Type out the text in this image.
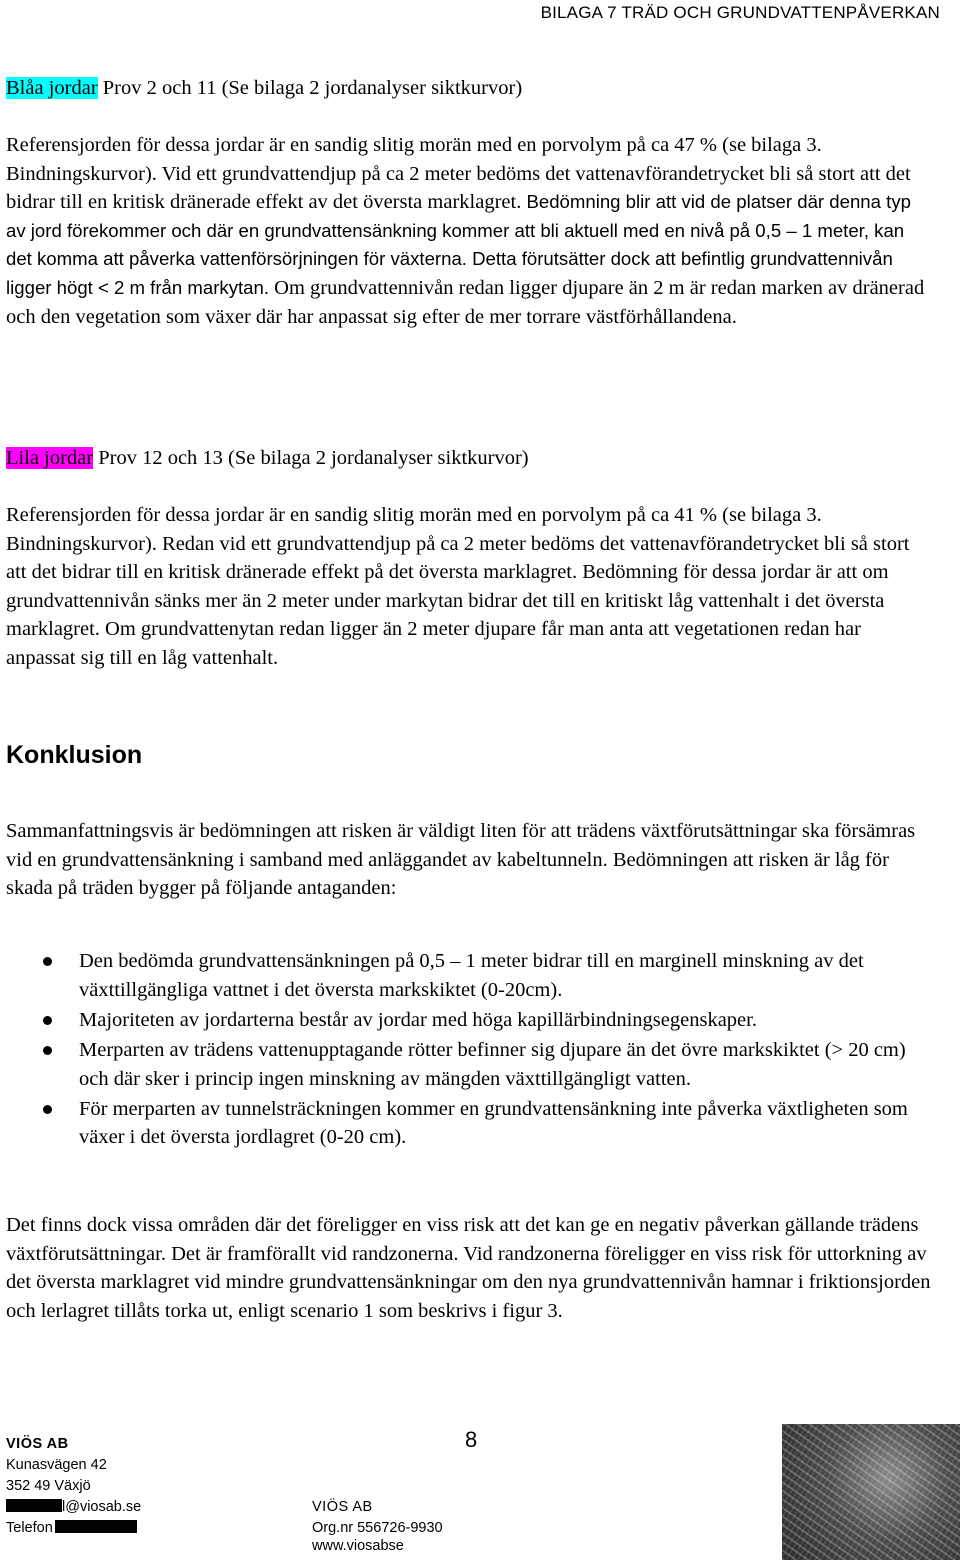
BILAGA 7 TRÄD OCH GRUNDVATTENPÅVERKAN
Blåa jordar Prov 2 och 11 (Se bilaga 2 jordanalyser siktkurvor)

Referensjorden för dessa jordar är en sandig slitig morän med en porvolym på ca 47 % (se bilaga 3. Bindningskurvor). Vid ett grundvattendjup på ca 2 meter bedöms det vattenavförandetrycket bli så stort att det bidrar till en kritisk dränerade effekt av det översta marklagret. Bedömning blir att vid de platser där denna typ av jord förekommer och där en grundvattensänkning kommer att bli aktuell med en nivå på 0,5 – 1 meter, kan det komma att påverka vattenförsörjningen för växterna. Detta förutsätter dock att befintlig grundvattennivån ligger högt < 2 m från markytan. Om grundvattennivån redan ligger djupare än 2 m är redan marken av dränerad och den vegetation som växer där har anpassat sig efter de mer torrare västförhållandena.

Lila jordar Prov 12 och 13 (Se bilaga 2 jordanalyser siktkurvor)

Referensjorden för dessa jordar är en sandig slitig morän med en porvolym på ca 41 % (se bilaga 3. Bindningskurvor). Redan vid ett grundvattendjup på ca 2 meter bedöms det vattenavförandetrycket bli så stort att det bidrar till en kritisk dränerade effekt på det översta marklagret. Bedömning för dessa jordar är att om grundvattennivån sänks mer än 2 meter under markytan bidrar det till en kritiskt låg vattenhalt i det översta marklagret. Om grundvattenytan redan ligger än 2 meter djupare får man anta att vegetationen redan har anpassat sig till en låg vattenhalt.

Konklusion

Sammanfattningsvis är bedömningen att risken är väldigt liten för att trädens växtförutsättningar ska försämras vid en grundvattensänkning i samband med anläggandet av kabeltunneln. Bedömningen att risken är låg för skada på träden bygger på följande antaganden:

Den bedömda grundvattensänkningen på 0,5 – 1 meter bidrar till en marginell minskning av det växttillgängliga vattnet i det översta markskiktet (0-20cm).
Majoriteten av jordarterna består av jordar med höga kapillärbindningsegenskaper.
Merparten av trädens vattenupptagande rötter befinner sig djupare än det övre markskiktet (> 20 cm) och där sker i princip ingen minskning av mängden växttillgängligt vatten.
För merparten av tunnelsträckningen kommer en grundvattensänkning inte påverka växtligheten som växer i det översta jordlagret (0-20 cm).

Det finns dock vissa områden där det föreligger en viss risk att det kan ge en negativ påverkan gällande trädens växtförutsättningar. Det är framförallt vid randzonerna. Vid randzonerna föreligger en viss risk för uttorkning av det översta marklagret vid mindre grundvattensänkningar om den nya grundvattennivån hamnar i friktionsjorden och lerlagret tillåts torka ut, enligt scenario 1 som beskrivs i figur 3.

VIÖS AB	8
Kunasvägen 42
352 49 Växjö
l@viosab.se
Telefon
VIÖS AB
Org.nr 556726-9930
www.viosabse
